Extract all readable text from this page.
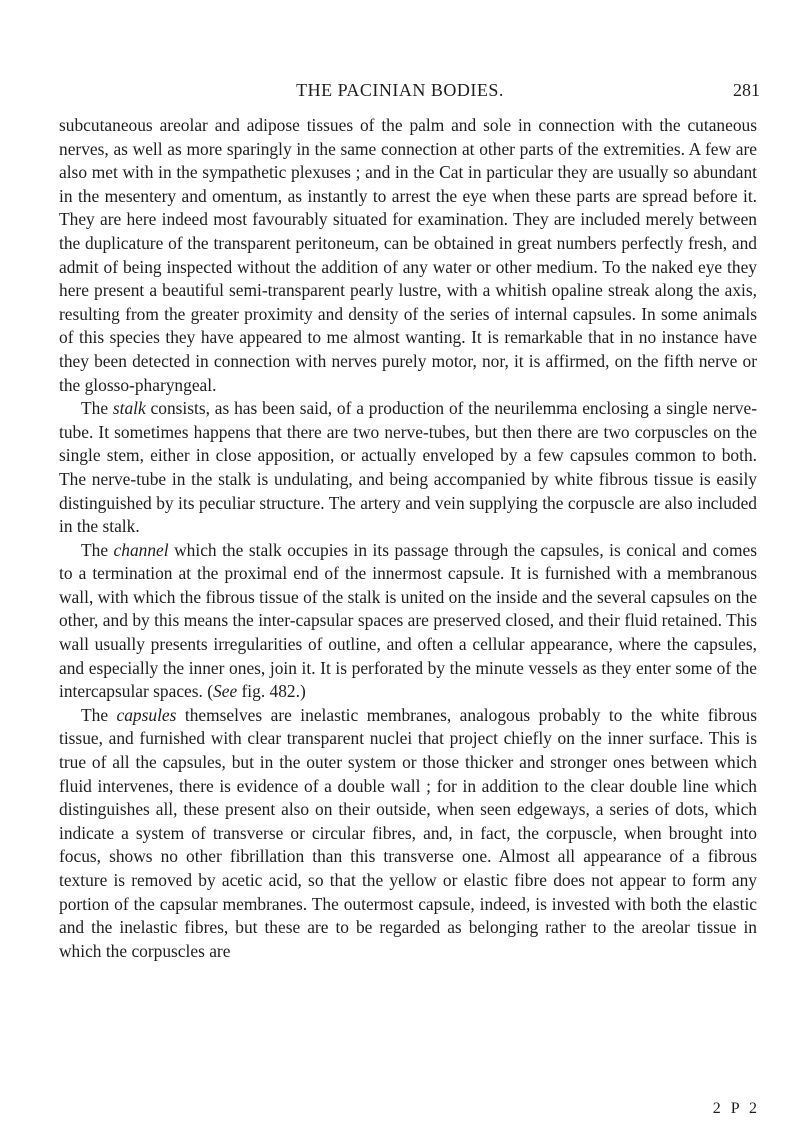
THE PACINIAN BODIES.	281

subcutaneous areolar and adipose tissues of the palm and sole in connection with the cutaneous nerves, as well as more sparingly in the same connection at other parts of the extremities. A few are also met with in the sympathetic plexuses ; and in the Cat in particular they are usually so abundant in the mesentery and omentum, as instantly to arrest the eye when these parts are spread before it. They are here indeed most favourably situated for examination. They are included merely between the duplicature of the transparent peritoneum, can be obtained in great numbers perfectly fresh, and admit of being inspected without the addition of any water or other medium. To the naked eye they here present a beautiful semi-transparent pearly lustre, with a whitish opaline streak along the axis, resulting from the greater proximity and density of the series of internal capsules. In some animals of this species they have appeared to me almost wanting. It is remarkable that in no instance have they been detected in connection with nerves purely motor, nor, it is affirmed, on the fifth nerve or the glosso-pharyngeal.

The stalk consists, as has been said, of a production of the neurilemma enclosing a single nerve-tube. It sometimes happens that there are two nerve-tubes, but then there are two corpuscles on the single stem, either in close apposition, or actually enveloped by a few capsules common to both. The nerve-tube in the stalk is undulating, and being accompanied by white fibrous tissue is easily distinguished by its peculiar structure. The artery and vein supplying the corpuscle are also included in the stalk.

The channel which the stalk occupies in its passage through the capsules, is conical and comes to a termination at the proximal end of the innermost capsule. It is furnished with a membranous wall, with which the fibrous tissue of the stalk is united on the inside and the several capsules on the other, and by this means the inter-capsular spaces are preserved closed, and their fluid retained. This wall usually presents irregularities of outline, and often a cellular appearance, where the capsules, and especially the inner ones, join it. It is perforated by the minute vessels as they enter some of the intercapsular spaces. (See fig. 482.)

The capsules themselves are inelastic membranes, analogous probably to the white fibrous tissue, and furnished with clear transparent nuclei that project chiefly on the inner surface. This is true of all the capsules, but in the outer system or those thicker and stronger ones between which fluid intervenes, there is evidence of a double wall ; for in addition to the clear double line which distinguishes all, these present also on their outside, when seen edgeways, a series of dots, which indicate a system of transverse or circular fibres, and, in fact, the corpuscle, when brought into focus, shows no other fibrillation than this transverse one. Almost all appearance of a fibrous texture is removed by acetic acid, so that the yellow or elastic fibre does not appear to form any portion of the capsular membranes. The outermost capsule, indeed, is invested with both the elastic and the inelastic fibres, but these are to be regarded as belonging rather to the areolar tissue in which the corpuscles are

2 P 2
